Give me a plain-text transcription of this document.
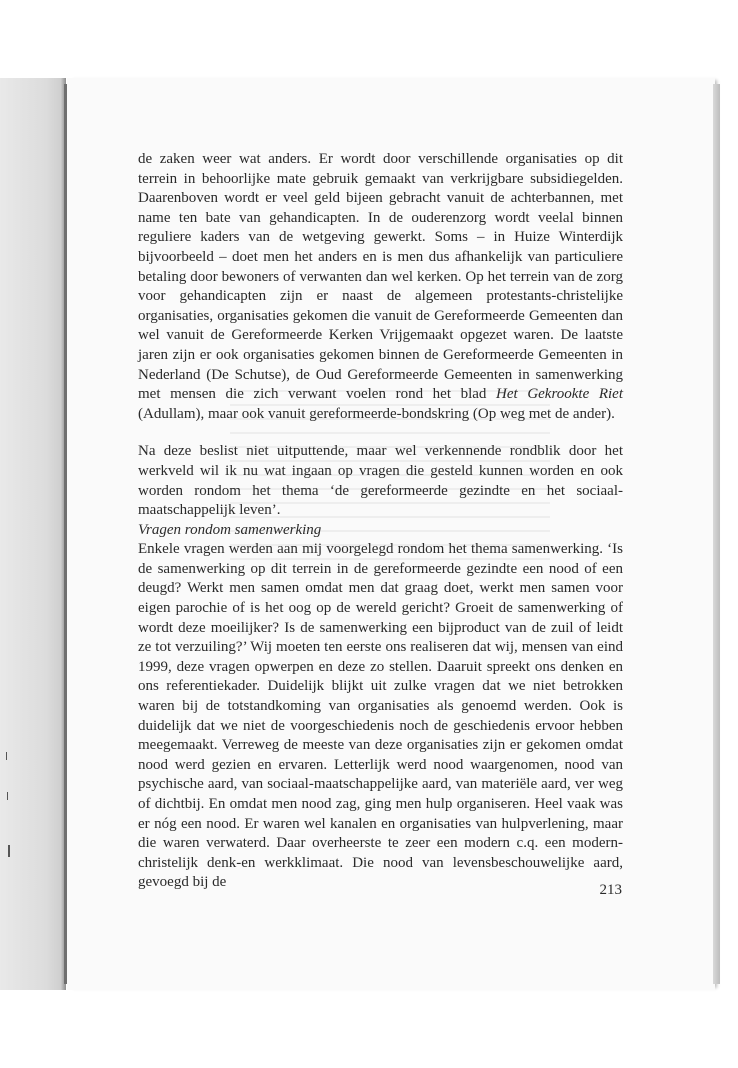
de zaken weer wat anders. Er wordt door verschillende organisaties op dit terrein in behoorlijke mate gebruik gemaakt van verkrijgbare subsidiegelden. Daarenboven wordt er veel geld bijeen gebracht vanuit de achterbannen, met name ten bate van gehandicapten. In de ouderenzorg wordt veelal binnen reguliere kaders van de wetgeving gewerkt. Soms – in Huize Winterdijk bijvoorbeeld – doet men het anders en is men dus afhankelijk van particuliere betaling door bewoners of verwanten dan wel kerken. Op het terrein van de zorg voor gehandicapten zijn er naast de algemeen protestants-christelijke organisaties, organisaties gekomen die vanuit de Gereformeerde Gemeenten dan wel vanuit de Gereformeerde Kerken Vrijgemaakt opgezet waren. De laatste jaren zijn er ook organisaties gekomen binnen de Gereformeerde Gemeenten in Nederland (De Schutse), de Oud Gereformeerde Gemeenten in samenwerking met mensen die zich verwant voelen rond het blad Het Gekrookte Riet (Adullam), maar ook vanuit gereformeerde-bondskring (Op weg met de ander).

Na deze beslist niet uitputtende, maar wel verkennende rondblik door het werkveld wil ik nu wat ingaan op vragen die gesteld kunnen worden en ook worden rondom het thema ‘de gereformeerde gezindte en het sociaal-maatschappelijk leven’.

Vragen rondom samenwerking

Enkele vragen werden aan mij voorgelegd rondom het thema samenwerking. ‘Is de samenwerking op dit terrein in de gereformeerde gezindte een nood of een deugd? Werkt men samen omdat men dat graag doet, werkt men samen voor eigen parochie of is het oog op de wereld gericht? Groeit de samenwerking of wordt deze moeilijker? Is de samenwerking een bijproduct van de zuil of leidt ze tot verzuiling?’ Wij moeten ten eerste ons realiseren dat wij, mensen van eind 1999, deze vragen opwerpen en deze zo stellen. Daaruit spreekt ons denken en ons referentiekader. Duidelijk blijkt uit zulke vragen dat we niet betrokken waren bij de totstandkoming van organisaties als genoemd werden. Ook is duidelijk dat we niet de voorgeschiedenis noch de geschiedenis ervoor hebben meegemaakt. Verreweg de meeste van deze organisaties zijn er gekomen omdat nood werd gezien en ervaren. Letterlijk werd nood waargenomen, nood van psychische aard, van sociaal-maatschappelijke aard, van materiële aard, ver weg of dichtbij. En omdat men nood zag, ging men hulp organiseren. Heel vaak was er nóg een nood. Er waren wel kanalen en organisaties van hulpverlening, maar die waren verwaterd. Daar overheerste te zeer een modern c.q. een modern-christelijk denk-en werkklimaat. Die nood van levensbeschouwelijke aard, gevoegd bij de	213
